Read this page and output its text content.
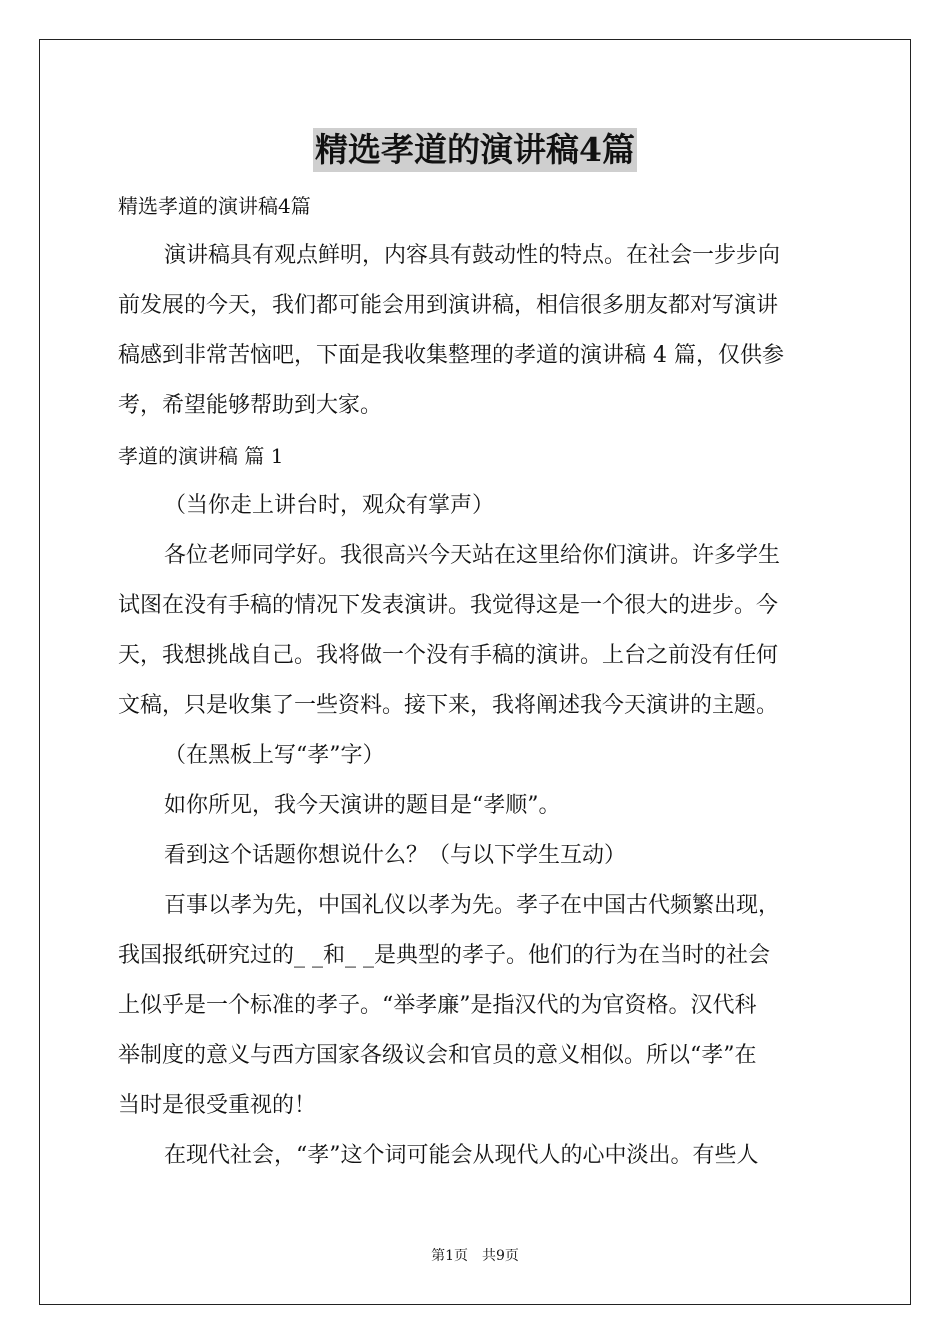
精选孝道的演讲稿4篇
精选孝道的演讲稿4篇
演讲稿具有观点鲜明，内容具有鼓动性的特点。在社会一步步向
前发展的今天，我们都可能会用到演讲稿，相信很多朋友都对写演讲
稿感到非常苦恼吧，下面是我收集整理的孝道的演讲稿 4 篇，仅供参
考，希望能够帮助到大家。
孝道的演讲稿 篇 1
（当你走上讲台时，观众有掌声）
各位老师同学好。我很高兴今天站在这里给你们演讲。许多学生
试图在没有手稿的情况下发表演讲。我觉得这是一个很大的进步。今
天，我想挑战自己。我将做一个没有手稿的演讲。上台之前没有任何
文稿，只是收集了一些资料。接下来，我将阐述我今天演讲的主题。
（在黑板上写“孝”字）
如你所见，我今天演讲的题目是“孝顺”。
看到这个话题你想说什么？（与以下学生互动）
百事以孝为先，中国礼仪以孝为先。孝子在中国古代频繁出现，
我国报纸研究过的_ _和_ _是典型的孝子。他们的行为在当时的社会
上似乎是一个标准的孝子。“举孝廉”是指汉代的为官资格。汉代科
举制度的意义与西方国家各级议会和官员的意义相似。所以“孝”在
当时是很受重视的！
在现代社会，“孝”这个词可能会从现代人的心中淡出。有些人
第1页　共9页
